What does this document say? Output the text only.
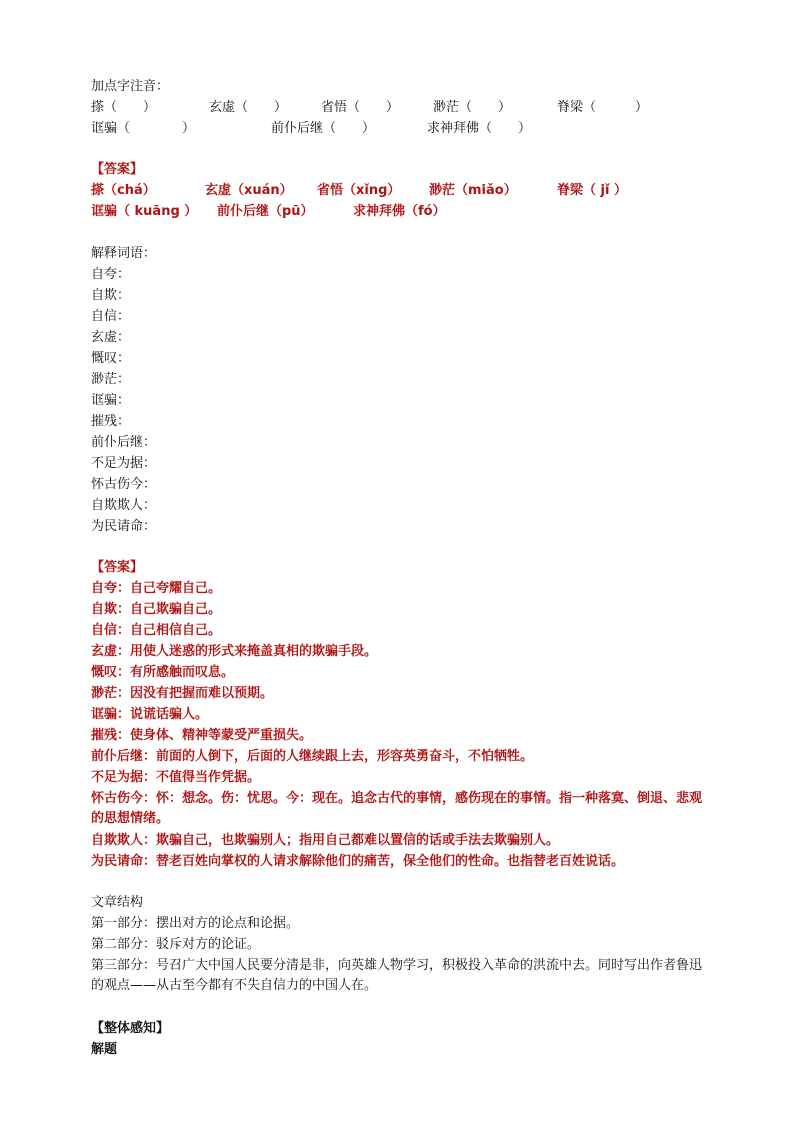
加点字注音：
搽（　　）	玄虚（　　）	省悟（　　）	渺茫（　　）	脊梁（　　　）
诓骗（　　　　）	前仆后继（　　）	求神拜佛（　　）
【答案】
搽（chá）	玄虚（xuán） 省悟（xǐng） 渺茫（miǎo）	脊梁（ jǐ ）
诓骗（ kuāng ） 前仆后继（pū）	求神拜佛（fó）
解释词语：
自夸：
自欺：
自信：
玄虚：
慨叹：
渺茫：
诓骗：
摧残：
前仆后继：
不足为据：
怀古伤今：
自欺欺人：
为民请命：
【答案】
自夸：自己夸耀自己。
自欺：自己欺骗自己。
自信：自己相信自己。
玄虚：用使人迷惑的形式来掩盖真相的欺骗手段。
慨叹：有所感触而叹息。
渺茫：因没有把握而难以预期。
诓骗：说谎话骗人。
摧残：使身体、精神等蒙受严重损失。
前仆后继：前面的人倒下，后面的人继续跟上去，形容英勇奋斗，不怕牺牲。
不足为据：不值得当作凭据。
怀古伤今：怀：想念。伤：忧思。今：现在。追念古代的事情，感伤现在的事情。指一种落寞、倒退、悲观的思想情绪。
自欺欺人：欺骗自己，也欺骗别人；指用自己都难以置信的话或手法去欺骗别人。
为民请命：替老百姓向掌权的人请求解除他们的痛苦，保全他们的性命。也指替老百姓说话。
文章结构
第一部分：摆出对方的论点和论据。
第二部分：驳斥对方的论证。
第三部分：号召广大中国人民要分清是非，向英雄人物学习，积极投入革命的洪流中去。同时写出作者鲁迅的观点——从古至今都有不失自信力的中国人在。
【整体感知】
解题
